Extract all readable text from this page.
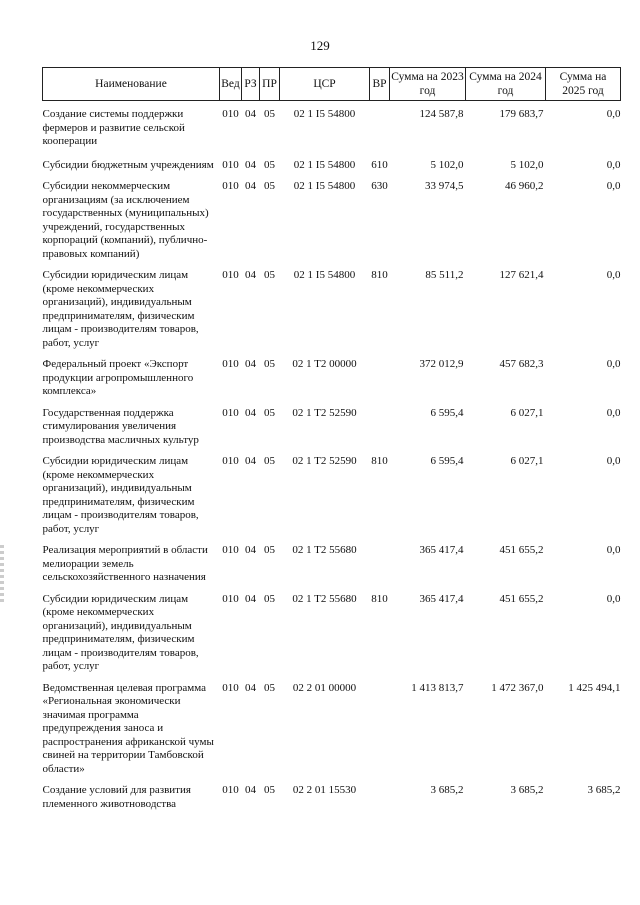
129
Наименование	Вед	РЗ	ПР	ЦСР	ВР	Сумма на 2023 год	Сумма на 2024 год	Сумма на 2025 год
Создание системы поддержки фермеров и развитие сельской кооперации	010	04	05	02 1 I5 54800		124 587,8	179 683,7	0,0
Субсидии бюджетным учреждениям	010	04	05	02 1 I5 54800	610	5 102,0	5 102,0	0,0
Субсидии некоммерческим организациям (за исключением государственных (муниципальных) учреждений, государственных корпораций (компаний), публично-правовых компаний)	010	04	05	02 1 I5 54800	630	33 974,5	46 960,2	0,0
Субсидии юридическим лицам (кроме некоммерческих организаций), индивидуальным предпринимателям, физическим лицам - производителям товаров, работ, услуг	010	04	05	02 1 I5 54800	810	85 511,2	127 621,4	0,0
Федеральный проект «Экспорт продукции агропромышленного комплекса»	010	04	05	02 1 T2 00000		372 012,9	457 682,3	0,0
Государственная поддержка стимулирования увеличения производства масличных культур	010	04	05	02 1 T2 52590		6 595,4	6 027,1	0,0
Субсидии юридическим лицам (кроме некоммерческих организаций), индивидуальным предпринимателям, физическим лицам - производителям товаров, работ, услуг	010	04	05	02 1 T2 52590	810	6 595,4	6 027,1	0,0
Реализация мероприятий в области мелиорации земель сельскохозяйственного назначения	010	04	05	02 1 T2 55680		365 417,4	451 655,2	0,0
Субсидии юридическим лицам (кроме некоммерческих организаций), индивидуальным предпринимателям, физическим лицам - производителям товаров, работ, услуг	010	04	05	02 1 T2 55680	810	365 417,4	451 655,2	0,0
Ведомственная целевая программа «Региональная экономически значимая программа предупреждения заноса и распространения африканской чумы свиней на территории Тамбовской области»	010	04	05	02 2 01 00000		1 413 813,7	1 472 367,0	1 425 494,1
Создание условий для развития племенного животноводства	010	04	05	02 2 01 15530		3 685,2	3 685,2	3 685,2
